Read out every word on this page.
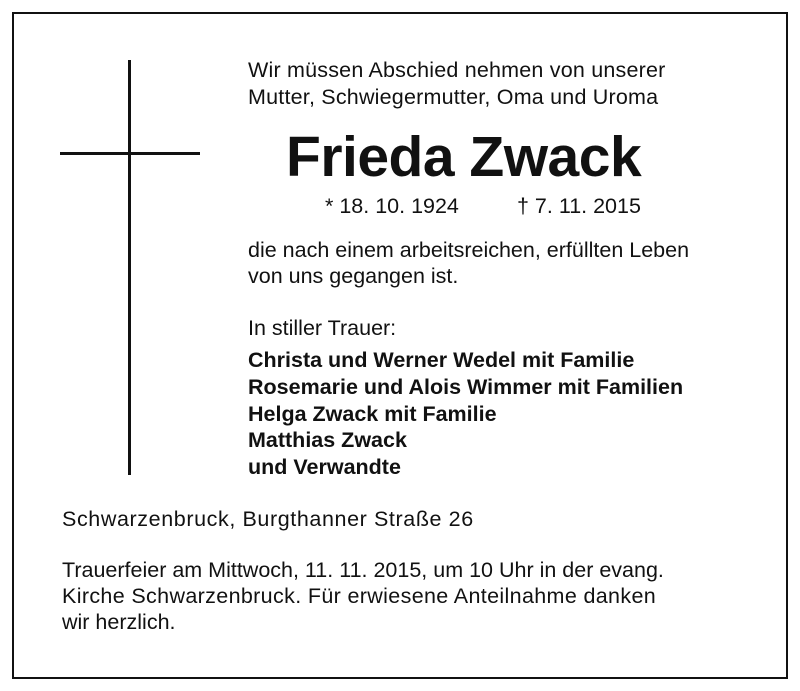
Wir müssen Abschied nehmen von unserer
Mutter, Schwiegermutter, Oma und Uroma
Frieda Zwack
* 18. 10. 1924	† 7. 11. 2015
die nach einem arbeitsreichen, erfüllten Leben
von uns gegangen ist.
In stiller Trauer:
Christa und Werner Wedel mit Familie
Rosemarie und Alois Wimmer mit Familien
Helga Zwack mit Familie
Matthias Zwack
und Verwandte
Schwarzenbruck, Burgthanner Straße 26
Trauerfeier am Mittwoch, 11. 11. 2015, um 10 Uhr in der evang.
Kirche Schwarzenbruck. Für erwiesene Anteilnahme danken
wir herzlich.
